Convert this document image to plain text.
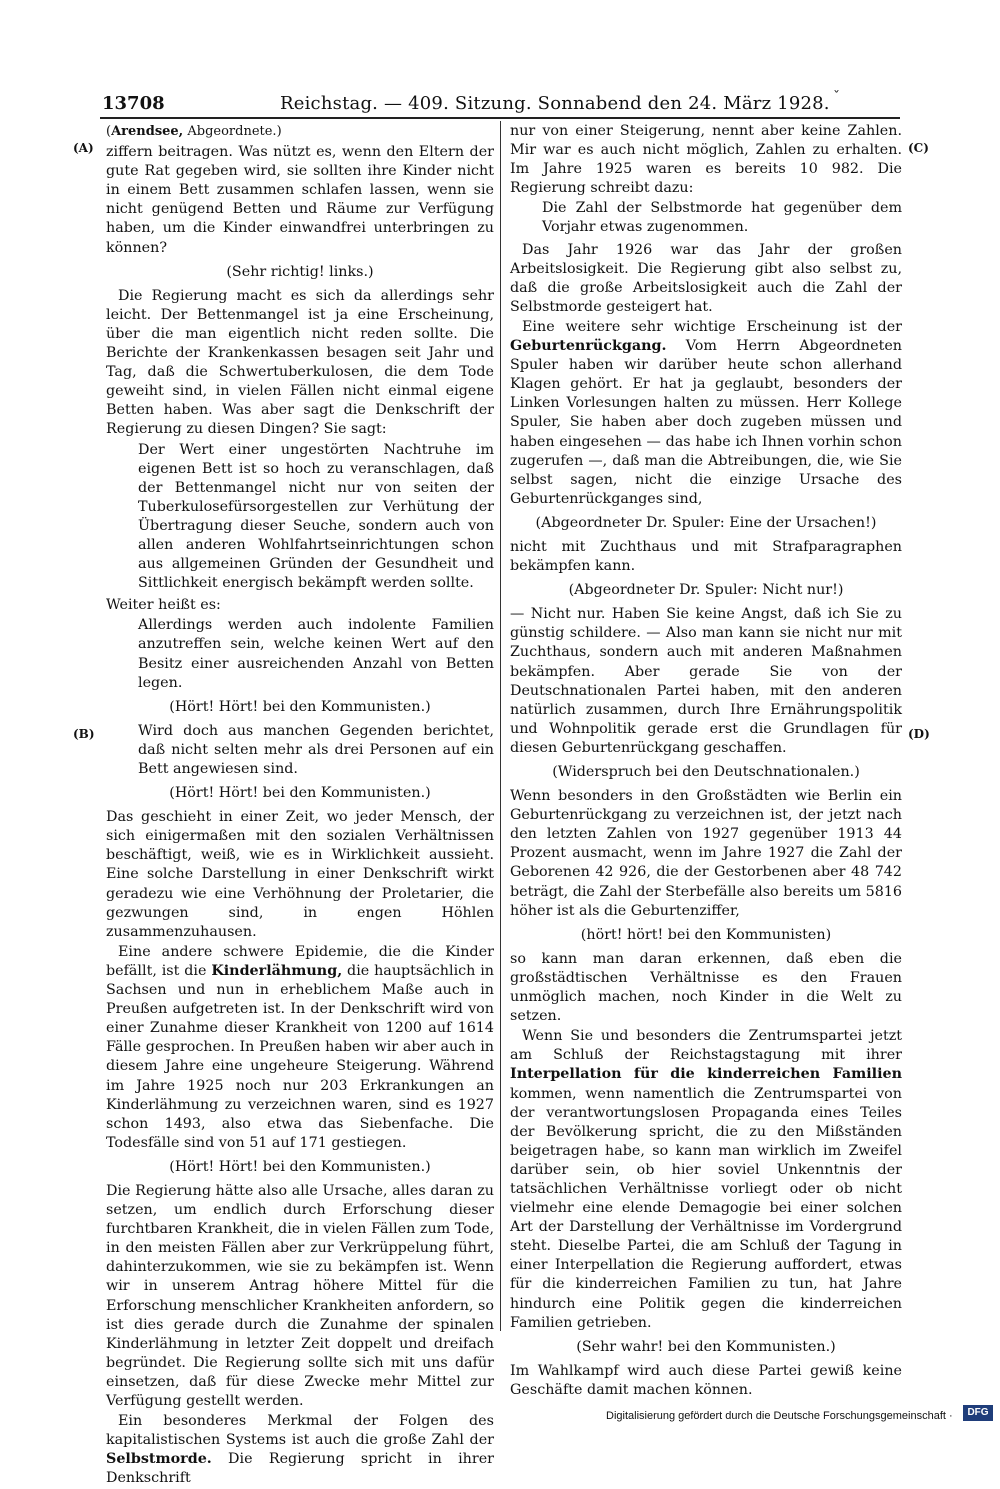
13708	Reichstag. — 409. Sitzung. Sonnabend den 24. März 1928. ˇ
(A)
(B)
(C)
(D)

(Arendsee, Abgeordnete.)

ziffern beitragen. Was nützt es, wenn den Eltern der gute Rat gegeben wird, sie sollten ihre Kinder nicht in einem Bett zusammen schlafen lassen, wenn sie nicht genügend Betten und Räume zur Verfügung haben, um die Kinder einwandfrei unterbringen zu können?

(Sehr richtig! links.)

Die Regierung macht es sich da allerdings sehr leicht. Der Bettenmangel ist ja eine Erscheinung, über die man eigentlich nicht reden sollte. Die Berichte der Krankenkassen besagen seit Jahr und Tag, daß die Schwertuberkulosen, die dem Tode geweiht sind, in vielen Fällen nicht einmal eigene Betten haben. Was aber sagt die Denkschrift der Regierung zu diesen Dingen? Sie sagt:

Der Wert einer ungestörten Nachtruhe im eigenen Bett ist so hoch zu veranschlagen, daß der Bettenmangel nicht nur von seiten der Tuberkulosefürsorgestellen zur Verhütung der Übertragung dieser Seuche, sondern auch von allen anderen Wohlfahrtseinrichtungen schon aus allgemeinen Gründen der Gesundheit und Sittlichkeit energisch bekämpft werden sollte.

Weiter heißt es:

Allerdings werden auch indolente Familien anzutreffen sein, welche keinen Wert auf den Besitz einer ausreichenden Anzahl von Betten legen.

(Hört! Hört! bei den Kommunisten.)

Wird doch aus manchen Gegenden berichtet, daß nicht selten mehr als drei Personen auf ein Bett angewiesen sind.

(Hört! Hört! bei den Kommunisten.)

Das geschieht in einer Zeit, wo jeder Mensch, der sich einigermaßen mit den sozialen Verhältnissen beschäftigt, weiß, wie es in Wirklichkeit aussieht. Eine solche Darstellung in einer Denkschrift wirkt geradezu wie eine Verhöhnung der Proletarier, die gezwungen sind, in engen Höhlen zusammenzuhausen.

Eine andere schwere Epidemie, die die Kinder befällt, ist die Kinderlähmung, die hauptsächlich in Sachsen und nun in erheblichem Maße auch in Preußen aufgetreten ist. In der Denkschrift wird von einer Zunahme dieser Krankheit von 1200 auf 1614 Fälle gesprochen. In Preußen haben wir aber auch in diesem Jahre eine ungeheure Steigerung. Während im Jahre 1925 noch nur 203 Erkrankungen an Kinderlähmung zu verzeichnen waren, sind es 1927 schon 1493, also etwa das Siebenfache. Die Todesfälle sind von 51 auf 171 gestiegen.

(Hört! Hört! bei den Kommunisten.)

Die Regierung hätte also alle Ursache, alles daran zu setzen, um endlich durch Erforschung dieser furchtbaren Krankheit, die in vielen Fällen zum Tode, in den meisten Fällen aber zur Verkrüppelung führt, dahinterzukommen, wie sie zu bekämpfen ist. Wenn wir in unserem Antrag höhere Mittel für die Erforschung menschlicher Krankheiten anfordern, so ist dies gerade durch die Zunahme der spinalen Kinderlähmung in letzter Zeit doppelt und dreifach begründet. Die Regierung sollte sich mit uns dafür einsetzen, daß für diese Zwecke mehr Mittel zur Verfügung gestellt werden.

Ein besonderes Merkmal der Folgen des kapitalistischen Systems ist auch die große Zahl der Selbstmorde. Die Regierung spricht in ihrer Denkschrift

nur von einer Steigerung, nennt aber keine Zahlen. Mir war es auch nicht möglich, Zahlen zu erhalten. Im Jahre 1925 waren es bereits 10 982. Die Regierung schreibt dazu:

Die Zahl der Selbstmorde hat gegenüber dem Vorjahr etwas zugenommen.

Das Jahr 1926 war das Jahr der großen Arbeitslosigkeit. Die Regierung gibt also selbst zu, daß die große Arbeitslosigkeit auch die Zahl der Selbstmorde gesteigert hat.

Eine weitere sehr wichtige Erscheinung ist der Geburtenrückgang. Vom Herrn Abgeordneten Spuler haben wir darüber heute schon allerhand Klagen gehört. Er hat ja geglaubt, besonders der Linken Vorlesungen halten zu müssen. Herr Kollege Spuler, Sie haben aber doch zugeben müssen und haben eingesehen — das habe ich Ihnen vorhin schon zugerufen —, daß man die Abtreibungen, die, wie Sie selbst sagen, nicht die einzige Ursache des Geburtenrückganges sind,

(Abgeordneter Dr. Spuler: Eine der Ursachen!)

nicht mit Zuchthaus und mit Strafparagraphen bekämpfen kann.

(Abgeordneter Dr. Spuler: Nicht nur!)

— Nicht nur. Haben Sie keine Angst, daß ich Sie zu günstig schildere. — Also man kann sie nicht nur mit Zuchthaus, sondern auch mit anderen Maßnahmen bekämpfen. Aber gerade Sie von der Deutschnationalen Partei haben, mit den anderen natürlich zusammen, durch Ihre Ernährungspolitik und Wohnpolitik gerade erst die Grundlagen für diesen Geburtenrückgang geschaffen.

(Widerspruch bei den Deutschnationalen.)

Wenn besonders in den Großstädten wie Berlin ein Geburtenrückgang zu verzeichnen ist, der jetzt nach den letzten Zahlen von 1927 gegenüber 1913 44 Prozent ausmacht, wenn im Jahre 1927 die Zahl der Geborenen 42 926, die der Gestorbenen aber 48 742 beträgt, die Zahl der Sterbefälle also bereits um 5816 höher ist als die Geburtenziffer,

(hört! hört! bei den Kommunisten)

so kann man daran erkennen, daß eben die großstädtischen Verhältnisse es den Frauen unmöglich machen, noch Kinder in die Welt zu setzen.

Wenn Sie und besonders die Zentrumspartei jetzt am Schluß der Reichstagstagung mit ihrer Interpellation für die kinderreichen Familien kommen, wenn namentlich die Zentrumspartei von der verantwortungslosen Propaganda eines Teiles der Bevölkerung spricht, die zu den Mißständen beigetragen habe, so kann man wirklich im Zweifel darüber sein, ob hier soviel Unkenntnis der tatsächlichen Verhältnisse vorliegt oder ob nicht vielmehr eine elende Demagogie bei einer solchen Art der Darstellung der Verhältnisse im Vordergrund steht. Dieselbe Partei, die am Schluß der Tagung in einer Interpellation die Regierung auffordert, etwas für die kinderreichen Familien zu tun, hat Jahre hindurch eine Politik gegen die kinderreichen Familien getrieben.

(Sehr wahr! bei den Kommunisten.)

Im Wahlkampf wird auch diese Partei gewiß keine Geschäfte damit machen können.

Digitalisierung gefördert durch die Deutsche Forschungsgemeinschaft ·	DFG
